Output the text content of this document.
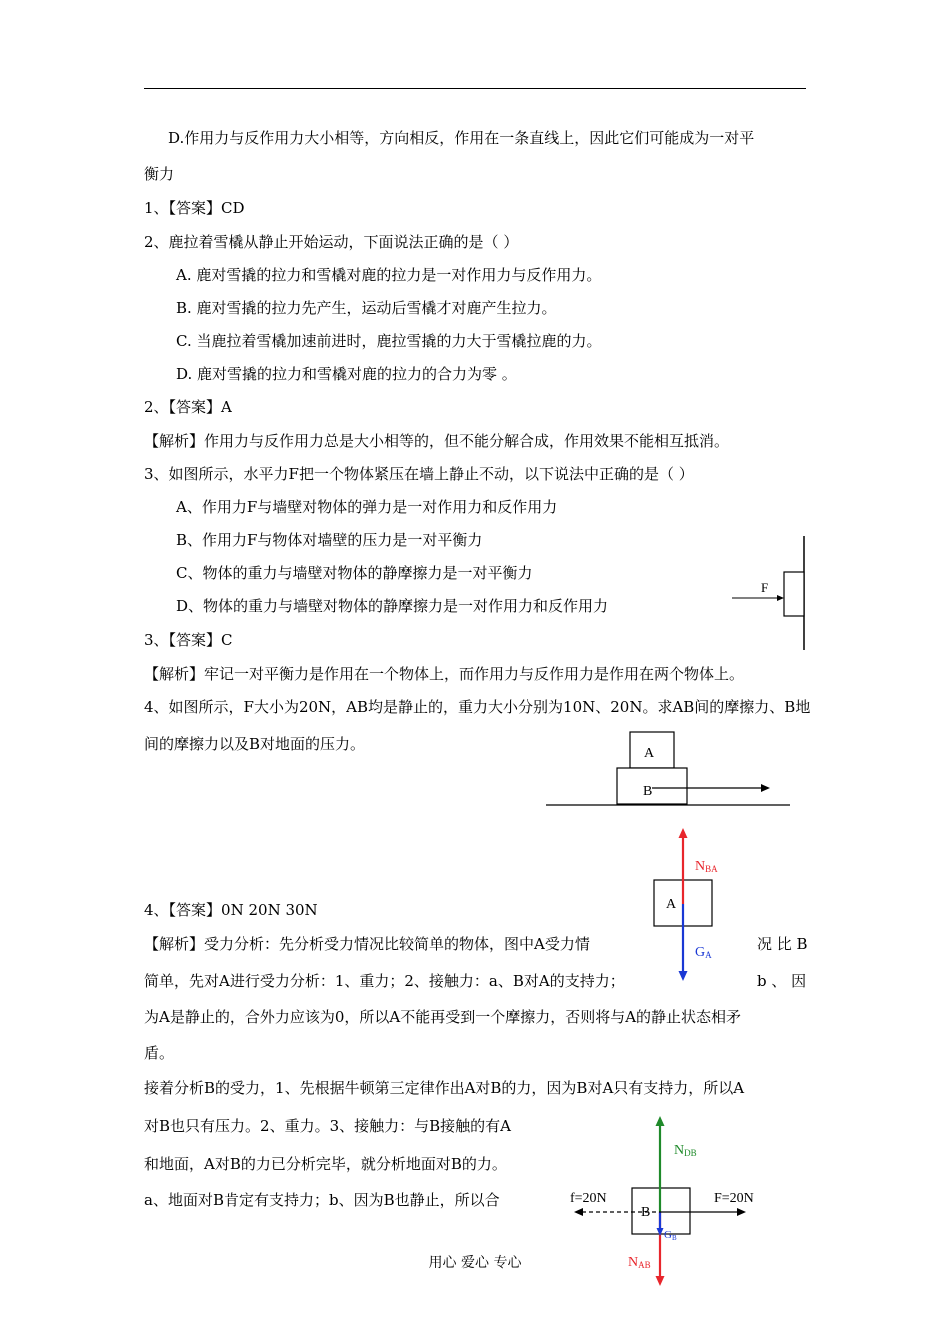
D.作用力与反作用力大小相等，方向相反，作用在一条直线上，因此它们可能成为一对平
衡力
1、【答案】CD
2、鹿拉着雪橇从静止开始运动，下面说法正确的是（ ）
A. 鹿对雪撬的拉力和雪橇对鹿的拉力是一对作用力与反作用力。
B. 鹿对雪撬的拉力先产生，运动后雪橇才对鹿产生拉力。
C. 当鹿拉着雪橇加速前进时，鹿拉雪撬的力大于雪橇拉鹿的力。
D. 鹿对雪撬的拉力和雪橇对鹿的拉力的合力为零 。
2、【答案】A
【解析】作用力与反作用力总是大小相等的，但不能分解合成，作用效果不能相互抵消。
3、如图所示，水平力F把一个物体紧压在墙上静止不动，以下说法中正确的是（ ）
A、作用力F与墙壁对物体的弹力是一对作用力和反作用力
B、作用力F与物体对墙壁的压力是一对平衡力
C、物体的重力与墙壁对物体的静摩擦力是一对平衡力
D、物体的重力与墙壁对物体的静摩擦力是一对作用力和反作用力
3、【答案】C
【解析】牢记一对平衡力是作用在一个物体上，而作用力与反作用力是作用在两个物体上。
4、如图所示，F大小为20N，AB均是静止的，重力大小分别为10N、20N。求AB间的摩擦力、B地
间的摩擦力以及B对地面的压力。
4、【答案】0N 20N 30N
【解析】受力分析：先分析受力情况比较简单的物体，图中A受力情	况 比 B
简单，先对A进行受力分析：1、重力；2、接触力：a、B对A的支持力；	b 、 因
为A是静止的，合外力应该为0，所以A不能再受到一个摩擦力，否则将与A的静止状态相矛
盾。
接着分析B的受力，1、先根据牛顿第三定律作出A对B的力，因为B对A只有支持力，所以A
对B也只有压力。2、重力。3、接触力：与B接触的有A
和地面，A对B的力已分析完毕，就分析地面对B的力。
a、地面对B肯定有支持力；b、因为B也静止，所以合
F
A
B
A
NBA
GA
B
NDB
GB
NAB
f=20N	F=20N
用心 爱心 专心
